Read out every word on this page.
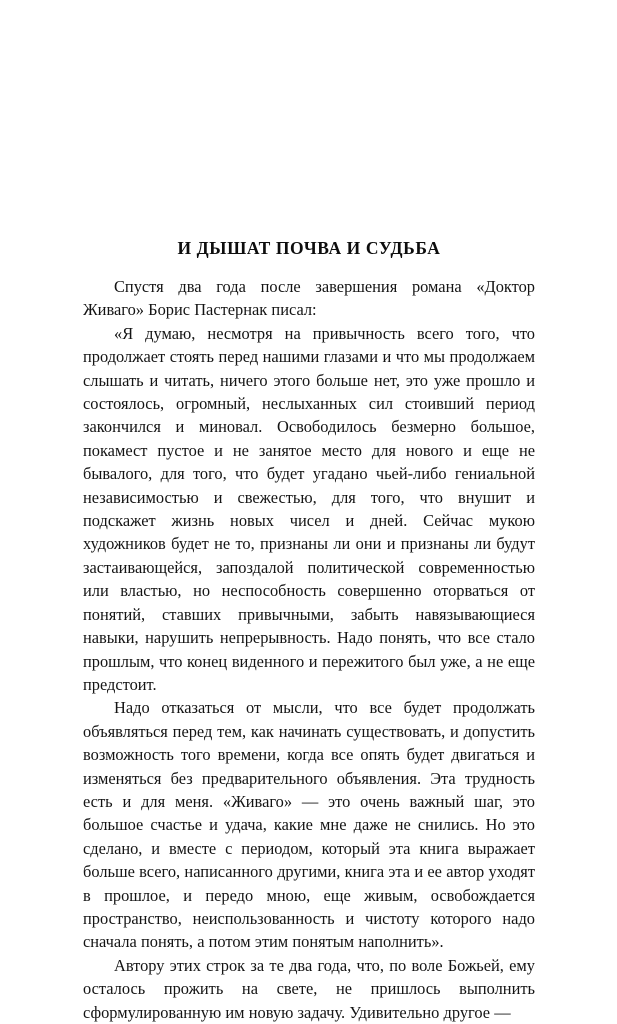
И ДЫШАТ ПОЧВА И СУДЬБА

Спустя два года после завершения романа «Доктор Живаго» Борис Пастернак писал:

«Я думаю, несмотря на привычность всего того, что продолжает стоять перед нашими глазами и что мы продолжаем слышать и читать, ничего этого больше нет, это уже прошло и состоялось, огромный, неслыханных сил стоивший период закончился и миновал. Освободилось безмерно большое, покамест пустое и не занятое место для нового и еще не бывалого, для того, что будет угадано чьей-либо гениальной независимостью и свежестью, для того, что внушит и подскажет жизнь новых чисел и дней. Сейчас мукою художников будет не то, признаны ли они и признаны ли будут застаивающейся, запоздалой политической современностью или властью, но неспособность совершенно оторваться от понятий, ставших привычными, забыть навязывающиеся навыки, нарушить непрерывность. Надо понять, что все стало прошлым, что конец виденного и пережитого был уже, а не еще предстоит.

Надо отказаться от мысли, что все будет продолжать объявляться перед тем, как начинать существовать, и допустить возможность того времени, когда все опять будет двигаться и изменяться без предварительного объявления. Эта трудность есть и для меня. «Живаго» — это очень важный шаг, это большое счастье и удача, какие мне даже не снились. Но это сделано, и вместе с периодом, который эта книга выражает больше всего, написанного другими, книга эта и ее автор уходят в прошлое, и передо мною, еще живым, освобождается пространство, неиспользованность и чистоту которого надо сначала понять, а потом этим понятым наполнить».

Автору этих строк за те два года, что, по воле Божьей, ему осталось прожить на свете, не пришлось выполнить сформулированную им новую задачу. Удивительно другое —
